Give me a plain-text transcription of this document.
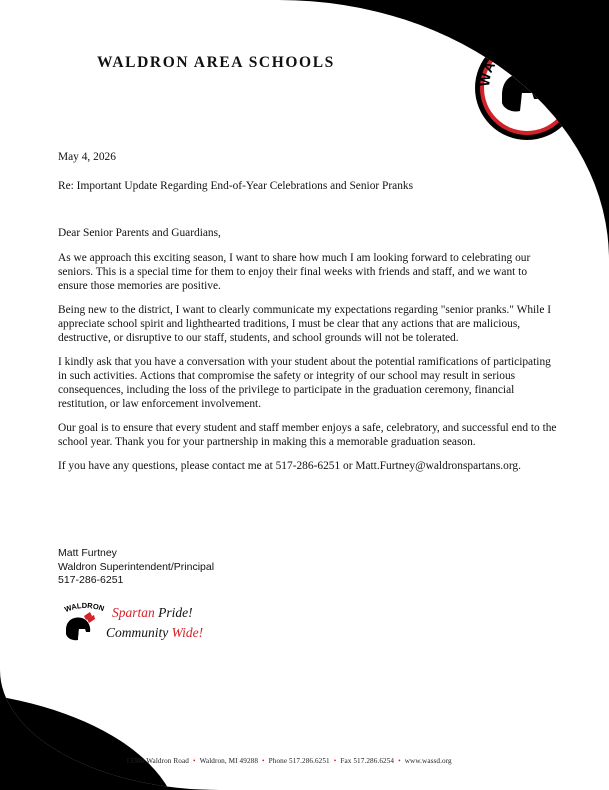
WALDRON AREA SCHOOLS
WALDRON

May 4, 2026

Re: Important Update Regarding End-of-Year Celebrations and Senior Pranks

Dear Senior Parents and Guardians,

As we approach this exciting season, I want to share how much I am looking forward to celebrating our seniors. This is a special time for them to enjoy their final weeks with friends and staff, and we want to ensure those memories are positive.

Being new to the district, I want to clearly communicate my expectations regarding "senior pranks." While I appreciate school spirit and lighthearted traditions, I must be clear that any actions that are malicious, destructive, or disruptive to our staff, students, and school grounds will not be tolerated.

I kindly ask that you have a conversation with your student about the potential ramifications of participating in such activities. Actions that compromise the safety or integrity of our school may result in serious consequences, including the loss of the privilege to participate in the graduation ceremony, financial restitution, or law enforcement involvement.

Our goal is to ensure that every student and staff member enjoys a safe, celebratory, and successful end to the school year. Thank you for your partnership in making this a memorable graduation season.

If you have any questions, please contact me at 517-286-6251 or Matt.Furtney@waldronspartans.org.

Matt Furtney
Waldron Superintendent/Principal
517-286-6251
WALDRON Spartan Pride!
Community Wide!
13380 Waldron Road • Waldron, MI 49288 • Phone 517.286.6251 • Fax 517.286.6254 • www.wassd.org
